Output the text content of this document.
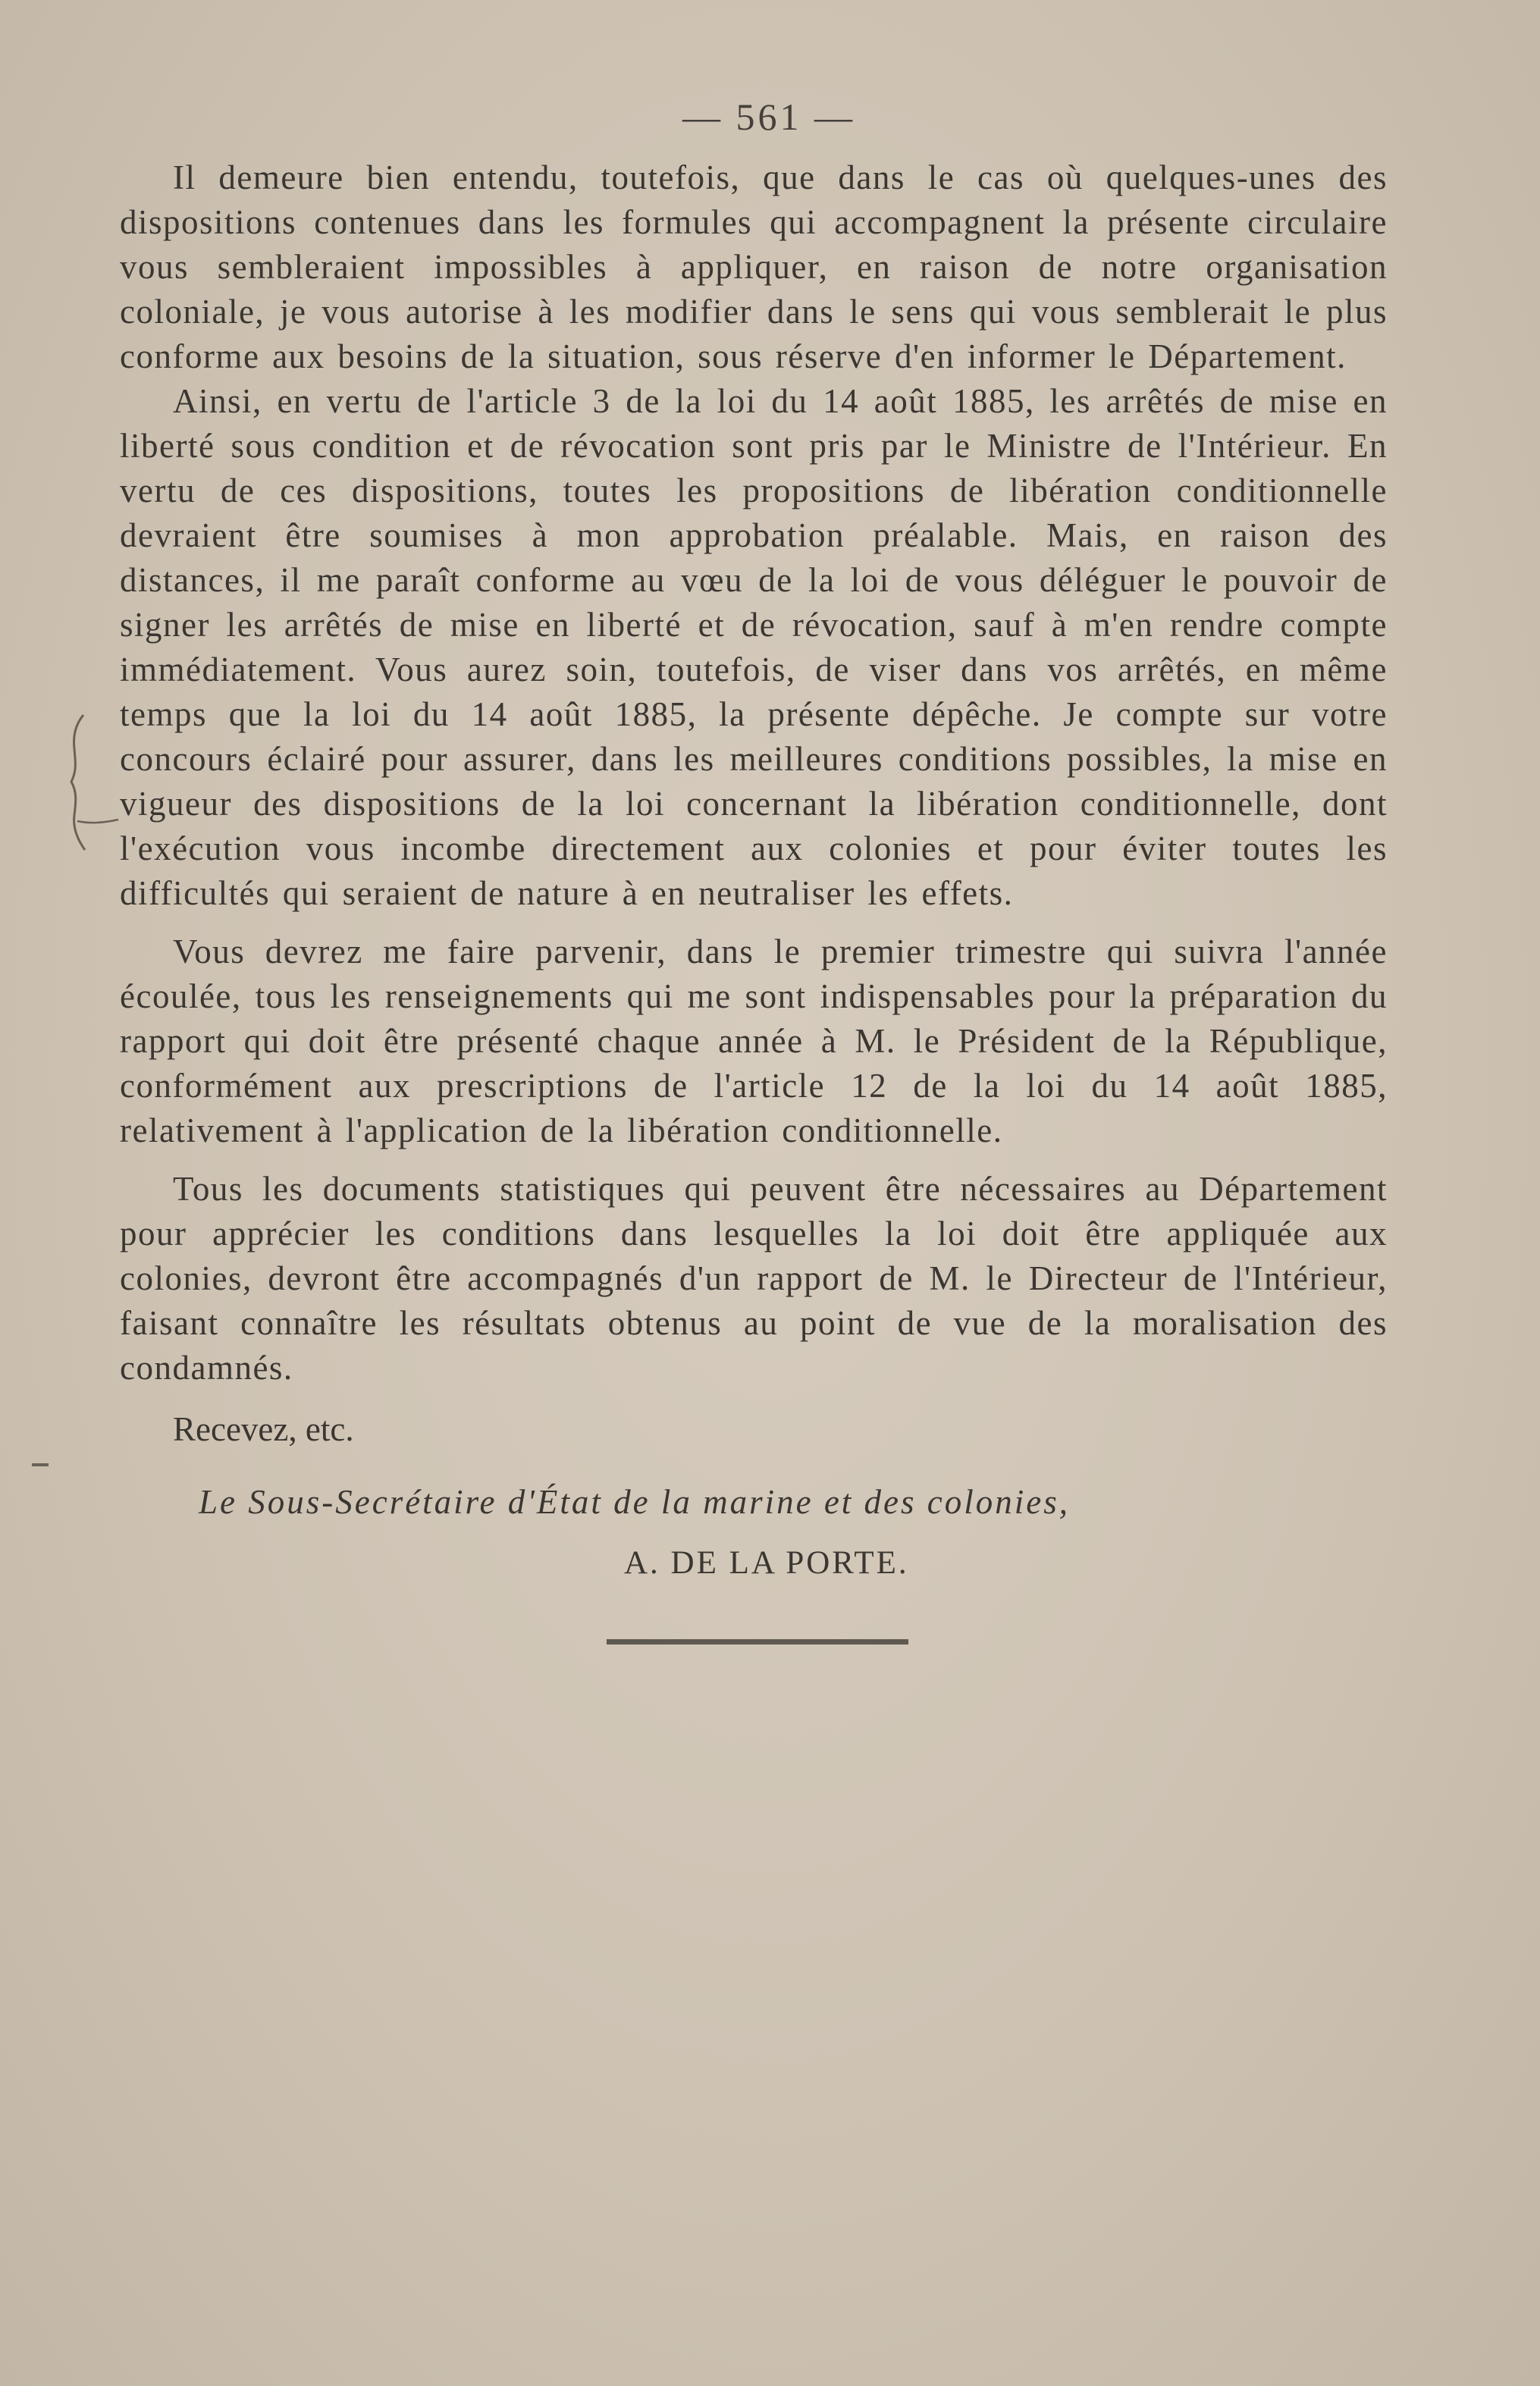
— 561 —

Il demeure bien entendu, toutefois, que dans le cas où quelques-unes des dispositions contenues dans les formules qui accompagnent la présente circulaire vous sembleraient impossibles à appliquer, en raison de notre organisation coloniale, je vous autorise à les modifier dans le sens qui vous semblerait le plus conforme aux besoins de la situation, sous réserve d'en informer le Département.

Ainsi, en vertu de l'article 3 de la loi du 14 août 1885, les arrêtés de mise en liberté sous condition et de révocation sont pris par le Ministre de l'Intérieur. En vertu de ces dispositions, toutes les propositions de libération conditionnelle devraient être soumises à mon approbation préalable. Mais, en raison des distances, il me paraît conforme au vœu de la loi de vous déléguer le pouvoir de signer les arrêtés de mise en liberté et de révocation, sauf à m'en rendre compte immédiatement. Vous aurez soin, toutefois, de viser dans vos arrêtés, en même temps que la loi du 14 août 1885, la présente dépêche. Je compte sur votre concours éclairé pour assurer, dans les meilleures conditions possibles, la mise en vigueur des dispositions de la loi concernant la libération conditionnelle, dont l'exécution vous incombe directement aux colonies et pour éviter toutes les difficultés qui seraient de nature à en neutraliser les effets.

Vous devrez me faire parvenir, dans le premier trimestre qui suivra l'année écoulée, tous les renseignements qui me sont indispensables pour la préparation du rapport qui doit être présenté chaque année à M. le Président de la République, conformément aux prescriptions de l'article 12 de la loi du 14 août 1885, relativement à l'application de la libération conditionnelle.

Tous les documents statistiques qui peuvent être nécessaires au Département pour apprécier les conditions dans lesquelles la loi doit être appliquée aux colonies, devront être accompagnés d'un rapport de M. le Directeur de l'Intérieur, faisant connaître les résultats obtenus au point de vue de la moralisation des condamnés.

Recevez, etc.
Le Sous-Secrétaire d'État de la marine et des colonies,
A. DE LA PORTE.
